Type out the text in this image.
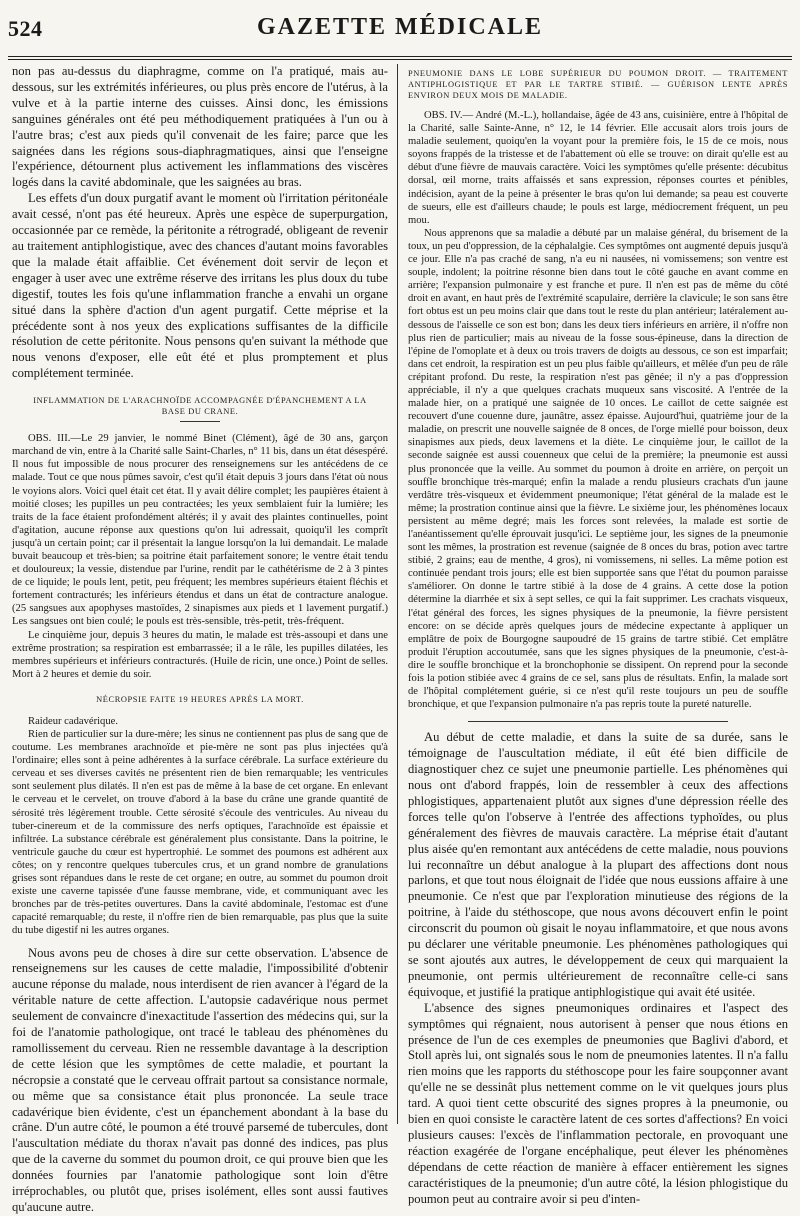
524	GAZETTE MÉDICALE

non pas au-dessus du diaphragme, comme on l'a pratiqué, mais au-dessous, sur les extrémités inférieures, ou plus près encore de l'utérus, à la vulve et à la partie interne des cuisses. Ainsi donc, les émissions sanguines générales ont été peu méthodiquement pratiquées à l'un ou à l'autre bras; c'est aux pieds qu'il convenait de les faire; parce que les saignées dans les régions sous-diaphragmatiques, ainsi que l'enseigne l'expérience, détournent plus activement les inflammations des viscères logés dans la cavité abdominale, que les saignées au bras.

Les effets d'un doux purgatif avant le moment où l'irritation péritonéale avait cessé, n'ont pas été heureux. Après une espèce de superpurgation, occasionnée par ce remède, la péritonite a rétrogradé, obligeant de revenir au traitement antiphlogistique, avec des chances d'autant moins favorables que la malade était affaiblie. Cet événement doit servir de leçon et engager à user avec une extrême réserve des irritans les plus doux du tube digestif, toutes les fois qu'une inflammation franche a envahi un organe situé dans la sphère d'action d'un agent purgatif. Cette méprise et la précédente sont à nos yeux des explications suffisantes de la difficile résolution de cette péritonite. Nous pensons qu'en suivant la méthode que nous venons d'exposer, elle eût été et plus promptement et plus complétement terminée.

INFLAMMATION DE L'ARACHNOÏDE ACCOMPAGNÉE D'ÉPANCHEMENT A LA BASE DU CRANE.

OBS. III.—Le 29 janvier, le nommé Binet (Clément), âgé de 30 ans, garçon marchand de vin, entre à la Charité salle Saint-Charles, n° 11 bis, dans un état désespéré. Il nous fut impossible de nous procurer des renseignemens sur les antécédens de ce malade. Tout ce que nous pûmes savoir, c'est qu'il était depuis 3 jours dans l'état où nous le voyions alors. Voici quel était cet état. Il y avait délire complet; les paupières étaient à moitié closes; les pupilles un peu contractées; les yeux semblaient fuir la lumière; les traits de la face étaient profondément altérés; il y avait des plaintes continuelles, point d'agitation, aucune réponse aux questions qu'on lui adressait, quoiqu'il les comprît jusqu'à un certain point; car il présentait la langue lorsqu'on la lui demandait. Le malade buvait beaucoup et très-bien; sa poitrine était parfaitement sonore; le ventre était tendu et douloureux; la vessie, distendue par l'urine, rendit par le cathétérisme de 2 à 3 pintes de ce liquide; le pouls lent, petit, peu fréquent; les membres supérieurs étaient fléchis et fortement contracturés; les inférieurs étendus et dans un état de contracture analogue. (25 sangsues aux apophyses mastoïdes, 2 sinapismes aux pieds et 1 lavement purgatif.) Les sangsues ont bien coulé; le pouls est très-sensible, très-petit, très-fréquent.

Le cinquième jour, depuis 3 heures du matin, le malade est très-assoupi et dans une extrême prostration; sa respiration est embarrassée; il a le râle, les pupilles dilatées, les membres supérieurs et inférieurs contracturés. (Huile de ricin, une once.) Point de selles. Mort à 2 heures et demie du soir.

NÉCROPSIE FAITE 19 HEURES APRÈS LA MORT.

Raideur cadavérique.

Rien de particulier sur la dure-mère; les sinus ne contiennent pas plus de sang que de coutume. Les membranes arachnoïde et pie-mère ne sont pas plus injectées qu'à l'ordinaire; elles sont à peine adhérentes à la surface cérébrale. La surface extérieure du cerveau et ses diverses cavités ne présentent rien de bien remarquable; les ventricules sont seulement plus dilatés. Il n'en est pas de même à la base de cet organe. En enlevant le cerveau et le cervelet, on trouve d'abord à la base du crâne une grande quantité de sérosité très légèrement trouble. Cette sérosité s'écoule des ventricules. Au niveau du tuber-cinereum et de la commissure des nerfs optiques, l'arachnoïde est épaissie et infiltrée. La substance cérébrale est généralement plus consistante. Dans la poitrine, le ventricule gauche du cœur est hypertrophié. Le sommet des poumons est adhérent aux côtes; on y rencontre quelques tubercules crus, et un grand nombre de granulations grises sont répandues dans le reste de cet organe; en outre, au sommet du poumon droit existe une caverne tapissée d'une fausse membrane, vide, et communiquant avec les bronches par de très-petites ouvertures. Dans la cavité abdominale, l'estomac est d'une capacité remarquable; du reste, il n'offre rien de bien remarquable, pas plus que la suite du tube digestif ni les autres organes.

Nous avons peu de choses à dire sur cette observation. L'absence de renseignemens sur les causes de cette maladie, l'impossibilité d'obtenir aucune réponse du malade, nous interdisent de rien avancer à l'égard de la véritable nature de cette affection. L'autopsie cadavérique nous permet seulement de convaincre d'inexactitude l'assertion des médecins qui, sur la foi de l'anatomie pathologique, ont tracé le tableau des phénomènes du ramollissement du cerveau. Rien ne ressemble davantage à la description de cette lésion que les symptômes de cette maladie, et pourtant la nécropsie a constaté que le cerveau offrait partout sa consistance normale, ou même que sa consistance était plus prononcée. La seule trace cadavérique bien évidente, c'est un épanchement abondant à la base du crâne. D'un autre côté, le poumon a été trouvé parsemé de tubercules, dont l'auscultation médiate du thorax n'avait pas donné des indices, pas plus que de la caverne du sommet du poumon droit, ce qui prouve bien que les données fournies par l'anatomie pathologique sont loin d'être irréprochables, ou plutôt que, prises isolément, elles sont aussi fautives qu'aucune autre.

PNEUMONIE DANS LE LOBE SUPÉRIEUR DU POUMON DROIT. — TRAITEMENT ANTIPHLOGISTIQUE ET PAR LE TARTRE STIBIÉ. — GUÉRISON LENTE APRÈS ENVIRON DEUX MOIS DE MALADIE.

OBS. IV.— André (M.-L.), hollandaise, âgée de 43 ans, cuisinière, entre à l'hôpital de la Charité, salle Sainte-Anne, n° 12, le 14 février. Elle accusait alors trois jours de maladie seulement, quoiqu'en la voyant pour la première fois, le 15 de ce mois, nous soyons frappés de la tristesse et de l'abattement où elle se trouve: on dirait qu'elle est au début d'une fièvre de mauvais caractère. Voici les symptômes qu'elle présente: décubitus dorsal, œil morne, traits affaissés et sans expression, réponses courtes et pénibles, indécision, ayant de la peine à présenter le bras qu'on lui demande; sa peau est couverte de sueurs, elle est d'ailleurs chaude; le pouls est large, médiocrement fréquent, un peu mou.

Nous apprenons que sa maladie a débuté par un malaise général, du brisement de la toux, un peu d'oppression, de la céphalalgie. Ces symptômes ont augmenté depuis jusqu'à ce jour. Elle n'a pas craché de sang, n'a eu ni nausées, ni vomissemens; son ventre est souple, indolent; la poitrine résonne bien dans tout le côté gauche en avant comme en arrière; l'expansion pulmonaire y est franche et pure. Il n'en est pas de même du côté droit en avant, en haut près de l'extrémité scapulaire, derrière la clavicule; le son sans être fort obtus est un peu moins clair que dans tout le reste du plan antérieur; latéralement au-dessous de l'aisselle ce son est bon; dans les deux tiers inférieurs en arrière, il n'offre non plus rien de particulier; mais au niveau de la fosse sous-épineuse, dans la direction de l'épine de l'omoplate et à deux ou trois travers de doigts au dessous, ce son est imparfait; dans cet endroit, la respiration est un peu plus faible qu'ailleurs, et mêlée d'un peu de râle crépitant profond. Du reste, la respiration n'est pas gênée; il n'y a pas d'oppression appréciable, il n'y a que quelques crachats muqueux sans viscosité. A l'entrée de la malade hier, on a pratiqué une saignée de 10 onces. Le caillot de cette saignée est recouvert d'une couenne dure, jaunâtre, assez épaisse. Aujourd'hui, quatrième jour de la maladie, on prescrit une nouvelle saignée de 8 onces, de l'orge miellé pour boisson, deux sinapismes aux pieds, deux lavemens et la diète. Le cinquième jour, le caillot de la seconde saignée est aussi couenneux que celui de la première; la pneumonie est aussi plus prononcée que la veille. Au sommet du poumon à droite en arrière, on perçoit un souffle bronchique très-marqué; enfin la malade a rendu plusieurs crachats d'un jaune verdâtre très-visqueux et évidemment pneumonique; l'état général de la malade est le même; la prostration continue ainsi que la fièvre. Le sixième jour, les phénomènes locaux persistent au même degré; mais les forces sont relevées, la malade est sortie de l'anéantissement qu'elle éprouvait jusqu'ici. Le septième jour, les signes de la pneumonie sont les mêmes, la prostration est revenue (saignée de 8 onces du bras, potion avec tartre stibié, 2 grains; eau de menthe, 4 gros), ni vomissemens, ni selles. La même potion est continuée pendant trois jours; elle est bien supportée sans que l'état du poumon paraisse s'améliorer. On donne le tartre stibié à la dose de 4 grains. A cette dose la potion détermine la diarrhée et six à sept selles, ce qui la fait supprimer. Les crachats visqueux, l'état général des forces, les signes physiques de la pneumonie, la fièvre persistent encore: on se décide après quelques jours de médecine expectante à appliquer un emplâtre de poix de Bourgogne saupoudré de 15 grains de tartre stibié. Cet emplâtre produit l'éruption accoutumée, sans que les signes physiques de la pneumonie, c'est-à-dire le souffle bronchique et la bronchophonie se dissipent. On reprend pour la seconde fois la potion stibiée avec 4 grains de ce sel, sans plus de résultats. Enfin, la malade sort de l'hôpital complétement guérie, si ce n'est qu'il reste toujours un peu de souffle bronchique, et que l'expansion pulmonaire n'a pas repris toute la pureté naturelle.

Au début de cette maladie, et dans la suite de sa durée, sans le témoignage de l'auscultation médiate, il eût été bien difficile de diagnostiquer chez ce sujet une pneumonie partielle. Les phénomènes qui nous ont d'abord frappés, loin de ressembler à ceux des affections phlogistiques, appartenaient plutôt aux signes d'une dépression réelle des forces telle qu'on l'observe à l'entrée des affections typhoïdes, ou plus généralement des fièvres de mauvais caractère. La méprise était d'autant plus aisée qu'en remontant aux antécédens de cette maladie, nous pouvions lui reconnaître un début analogue à la plupart des affections dont nous parlons, et que tout nous éloignait de l'idée que nous eussions affaire à une pneumonie. Ce n'est que par l'exploration minutieuse des régions de la poitrine, à l'aide du stéthoscope, que nous avons découvert enfin le point circonscrit du poumon où gisait le noyau inflammatoire, et que nous avons pu déclarer une véritable pneumonie. Les phénomènes pathologiques qui se sont ajoutés aux autres, le développement de ceux qui marquaient la pneumonie, ont permis ultérieurement de reconnaître celle-ci sans équivoque, et justifié la pratique antiphlogistique qui avait été usitée.

L'absence des signes pneumoniques ordinaires et l'aspect des symptômes qui régnaient, nous autorisent à penser que nous étions en présence de l'un de ces exemples de pneumonies que Baglivi d'abord, et Stoll après lui, ont signalés sous le nom de pneumonies latentes. Il n'a fallu rien moins que les rapports du stéthoscope pour les faire soupçonner avant qu'elle ne se dessinât plus nettement comme on le vit quelques jours plus tard. A quoi tient cette obscurité des signes propres à la pneumonie, ou bien en quoi consiste le caractère latent de ces sortes d'affections? En voici plusieurs causes: l'excès de l'inflammation pectorale, en provoquant une réaction exagérée de l'organe encéphalique, peut élever les phénomènes dépendans de cette réaction de manière à effacer entièrement les signes caractéristiques de la pneumonie; d'un autre côté, la lésion phlogistique du poumon peut au contraire avoir si peu d'inten-
